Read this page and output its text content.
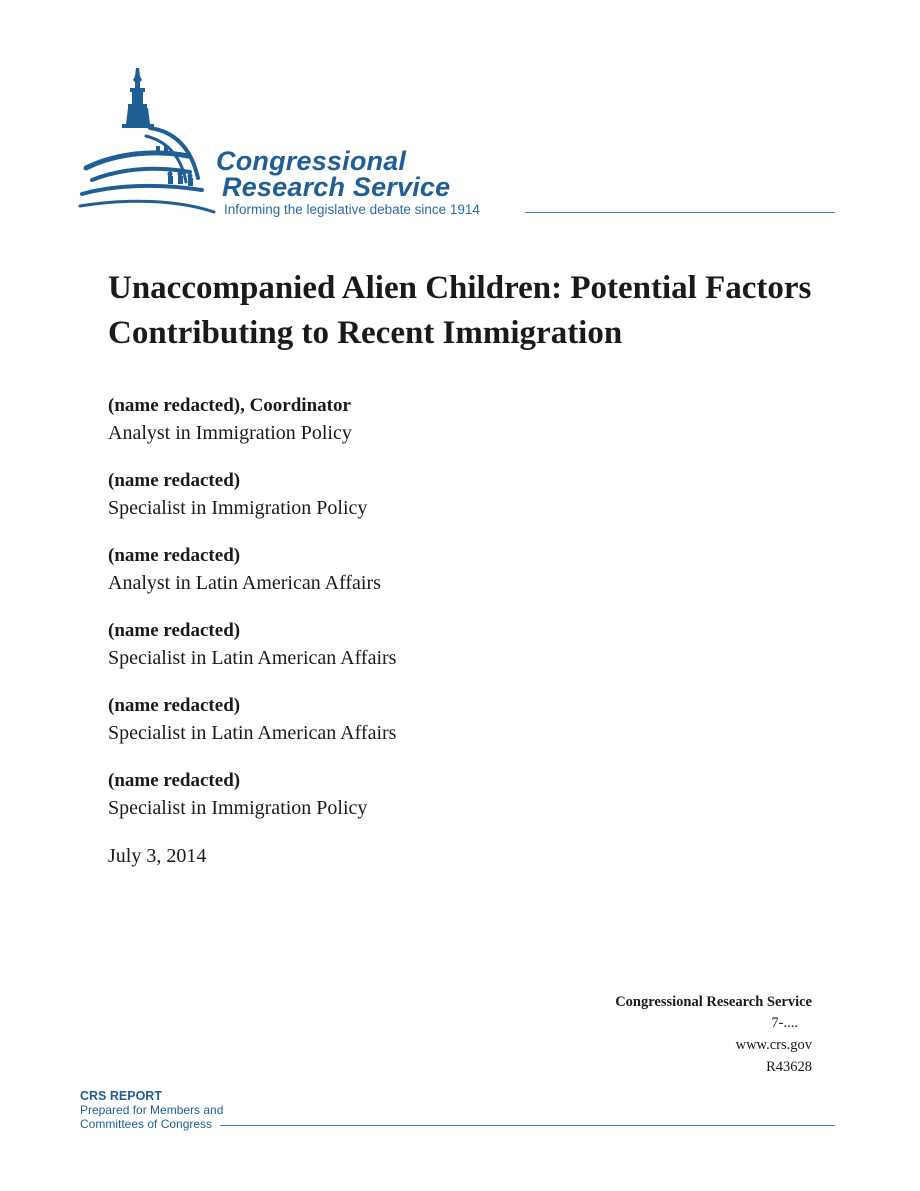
Congressional
Research Service
Informing the legislative debate since 1914
Unaccompanied Alien Children: Potential Factors Contributing to Recent Immigration
(name redacted), Coordinator
Analyst in Immigration Policy
(name redacted)
Specialist in Immigration Policy
(name redacted)
Analyst in Latin American Affairs
(name redacted)
Specialist in Latin American Affairs
(name redacted)
Specialist in Latin American Affairs
(name redacted)
Specialist in Immigration Policy
July 3, 2014
Congressional Research Service
7-....
www.crs.gov
R43628
CRS REPORT
Prepared for Members and
Committees of Congress
